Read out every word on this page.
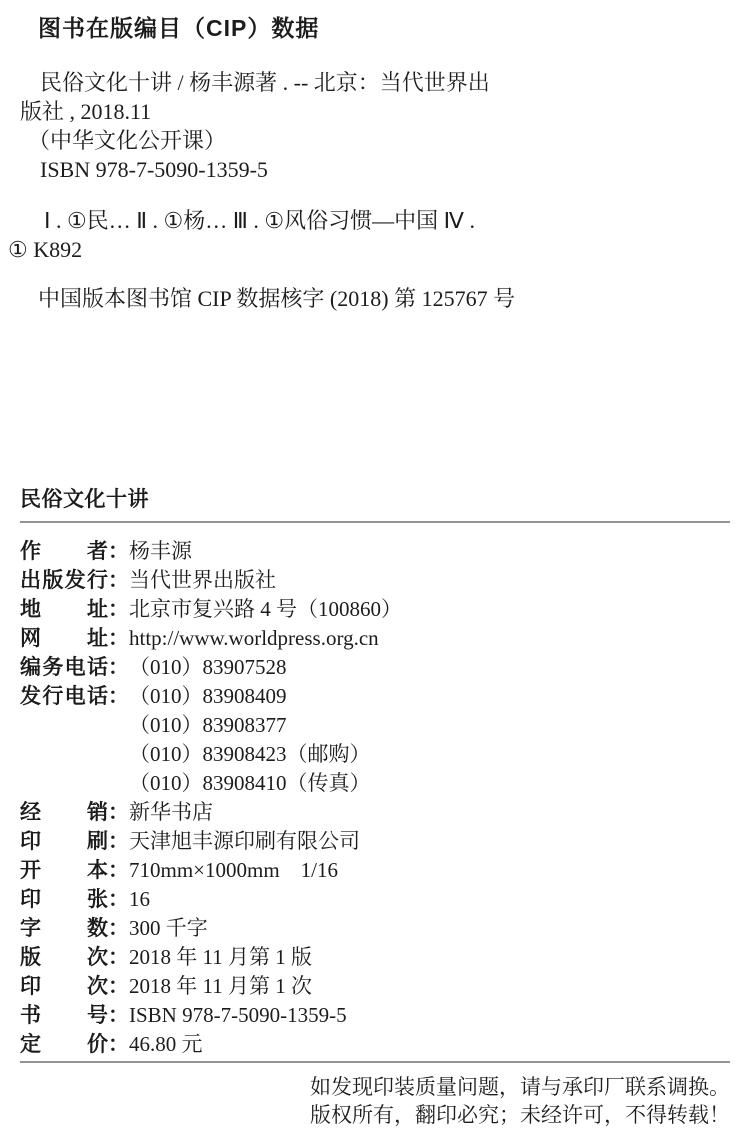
图书在版编目（CIP）数据

民俗文化十讲 / 杨丰源著 . -- 北京：当代世界出
版社 , 2018.11
（中华文化公开课）
ISBN 978-7-5090-1359-5

Ⅰ . ①民… Ⅱ . ①杨… Ⅲ . ①风俗习惯—中国 Ⅳ .
① K892

中国版本图书馆 CIP 数据核字 (2018) 第 125767 号

民俗文化十讲
作者 ： 杨丰源
出版发行 ： 当代世界出版社
地址 ： 北京市复兴路 4 号（100860）
网址 ： http://www.worldpress.org.cn
编务电话 ： （010）83907528
发行电话 ： （010）83908409
（010）83908377
（010）83908423（邮购）
（010）83908410（传真）
经销 ： 新华书店
印刷 ： 天津旭丰源印刷有限公司
开本 ： 710mm×1000mm　1/16
印张 ： 16
字数 ： 300 千字
版次 ： 2018 年 11 月第 1 版
印次 ： 2018 年 11 月第 1 次
书号 ： ISBN 978-7-5090-1359-5
定价 ： 46.80 元
如发现印装质量问题，请与承印厂联系调换。
版权所有，翻印必究；未经许可，不得转载！
